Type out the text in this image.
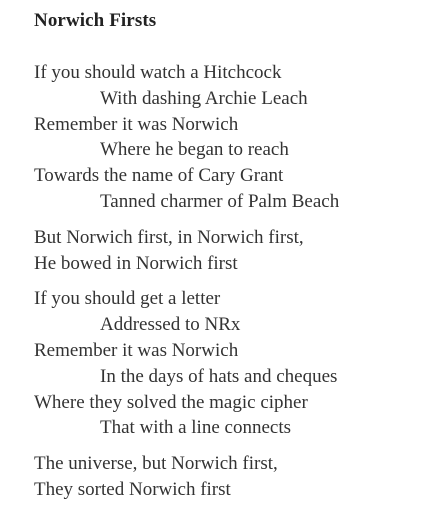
Norwich Firsts
If you should watch a Hitchcock
With dashing Archie Leach
Remember it was Norwich
Where he began to reach
Towards the name of Cary Grant
Tanned charmer of Palm Beach
But Norwich first, in Norwich first,
He bowed in Norwich first
If you should get a letter
Addressed to NRx
Remember it was Norwich
In the days of hats and cheques
Where they solved the magic cipher
That with a line connects
The universe, but Norwich first,
They sorted Norwich first
